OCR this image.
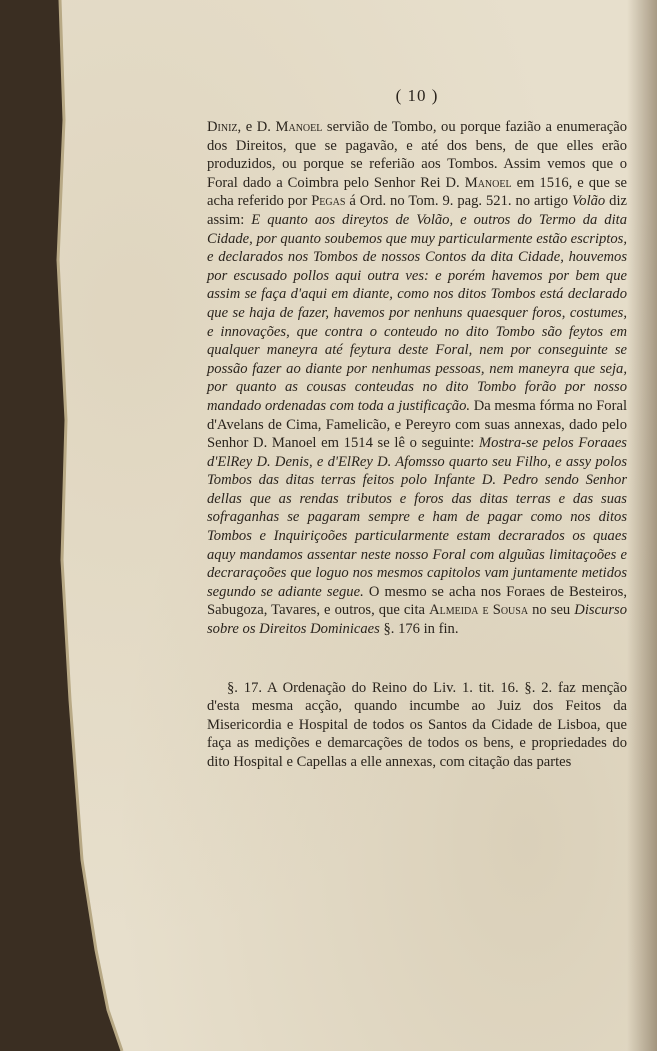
( 10 )

Diniz, e D. Manoel servião de Tombo, ou porque fazião a enumeração dos Direitos, que se pagavão, e até dos bens, de que elles erão produzidos, ou porque se referião aos Tombos. Assim vemos que o Foral dado a Coimbra pelo Senhor Rei D. Manoel em 1516, e que se acha referido por Pegas á Ord. no Tom. 9. pag. 521. no artigo Volão diz assim: E quanto aos direytos de Volão, e outros do Termo da dita Cidade, por quanto soubemos que muy particularmente estão escriptos, e declarados nos Tombos de nossos Contos da dita Cidade, houvemos por escusado pollos aqui outra ves: e porém havemos por bem que assim se faça d'aqui em diante, como nos ditos Tombos está declarado que se haja de fazer, havemos por nenhuns quaesquer foros, costumes, e innovações, que contra o conteudo no dito Tombo são feytos em qualquer maneyra até feytura deste Foral, nem por conseguinte se possão fazer ao diante por nenhumas pessoas, nem maneyra que seja, por quanto as cousas conteudas no dito Tombo forão por nosso mandado ordenadas com toda a justificação. Da mesma fórma no Foral d'Avelans de Cima, Famelicão, e Pereyro com suas annexas, dado pelo Senhor D. Manoel em 1514 se lê o seguinte: Mostra-se pelos Foraaes d'ElRey D. Denis, e d'ElRey D. Afomsso quarto seu Filho, e assy polos Tombos das ditas terras feitos polo Infante D. Pedro sendo Senhor dellas que as rendas tributos e foros das ditas terras e das suas sofraganhas se pagaram sempre e ham de pagar como nos ditos Tombos e Inquiriçoões particularmente estam decrarados os quaes aquy mandamos assentar neste nosso Foral com alguũas limitaçoões e decraraçoões que loguo nos mesmos capitolos vam juntamente metidos segundo se adiante segue. O mesmo se acha nos Foraes de Besteiros, Sabugoza, Tavares, e outros, que cita Almeida e Sousa no seu Discurso sobre os Direitos Dominicaes §. 176 in fin.

§. 17. A Ordenação do Reino do Liv. 1. tit. 16. §. 2. faz menção d'esta mesma acção, quando incumbe ao Juiz dos Feitos da Misericordia e Hospital de todos os Santos da Cidade de Lisboa, que faça as medições e demarcações de todos os bens, e propriedades do dito Hospital e Capellas a elle annexas, com citação das partes
